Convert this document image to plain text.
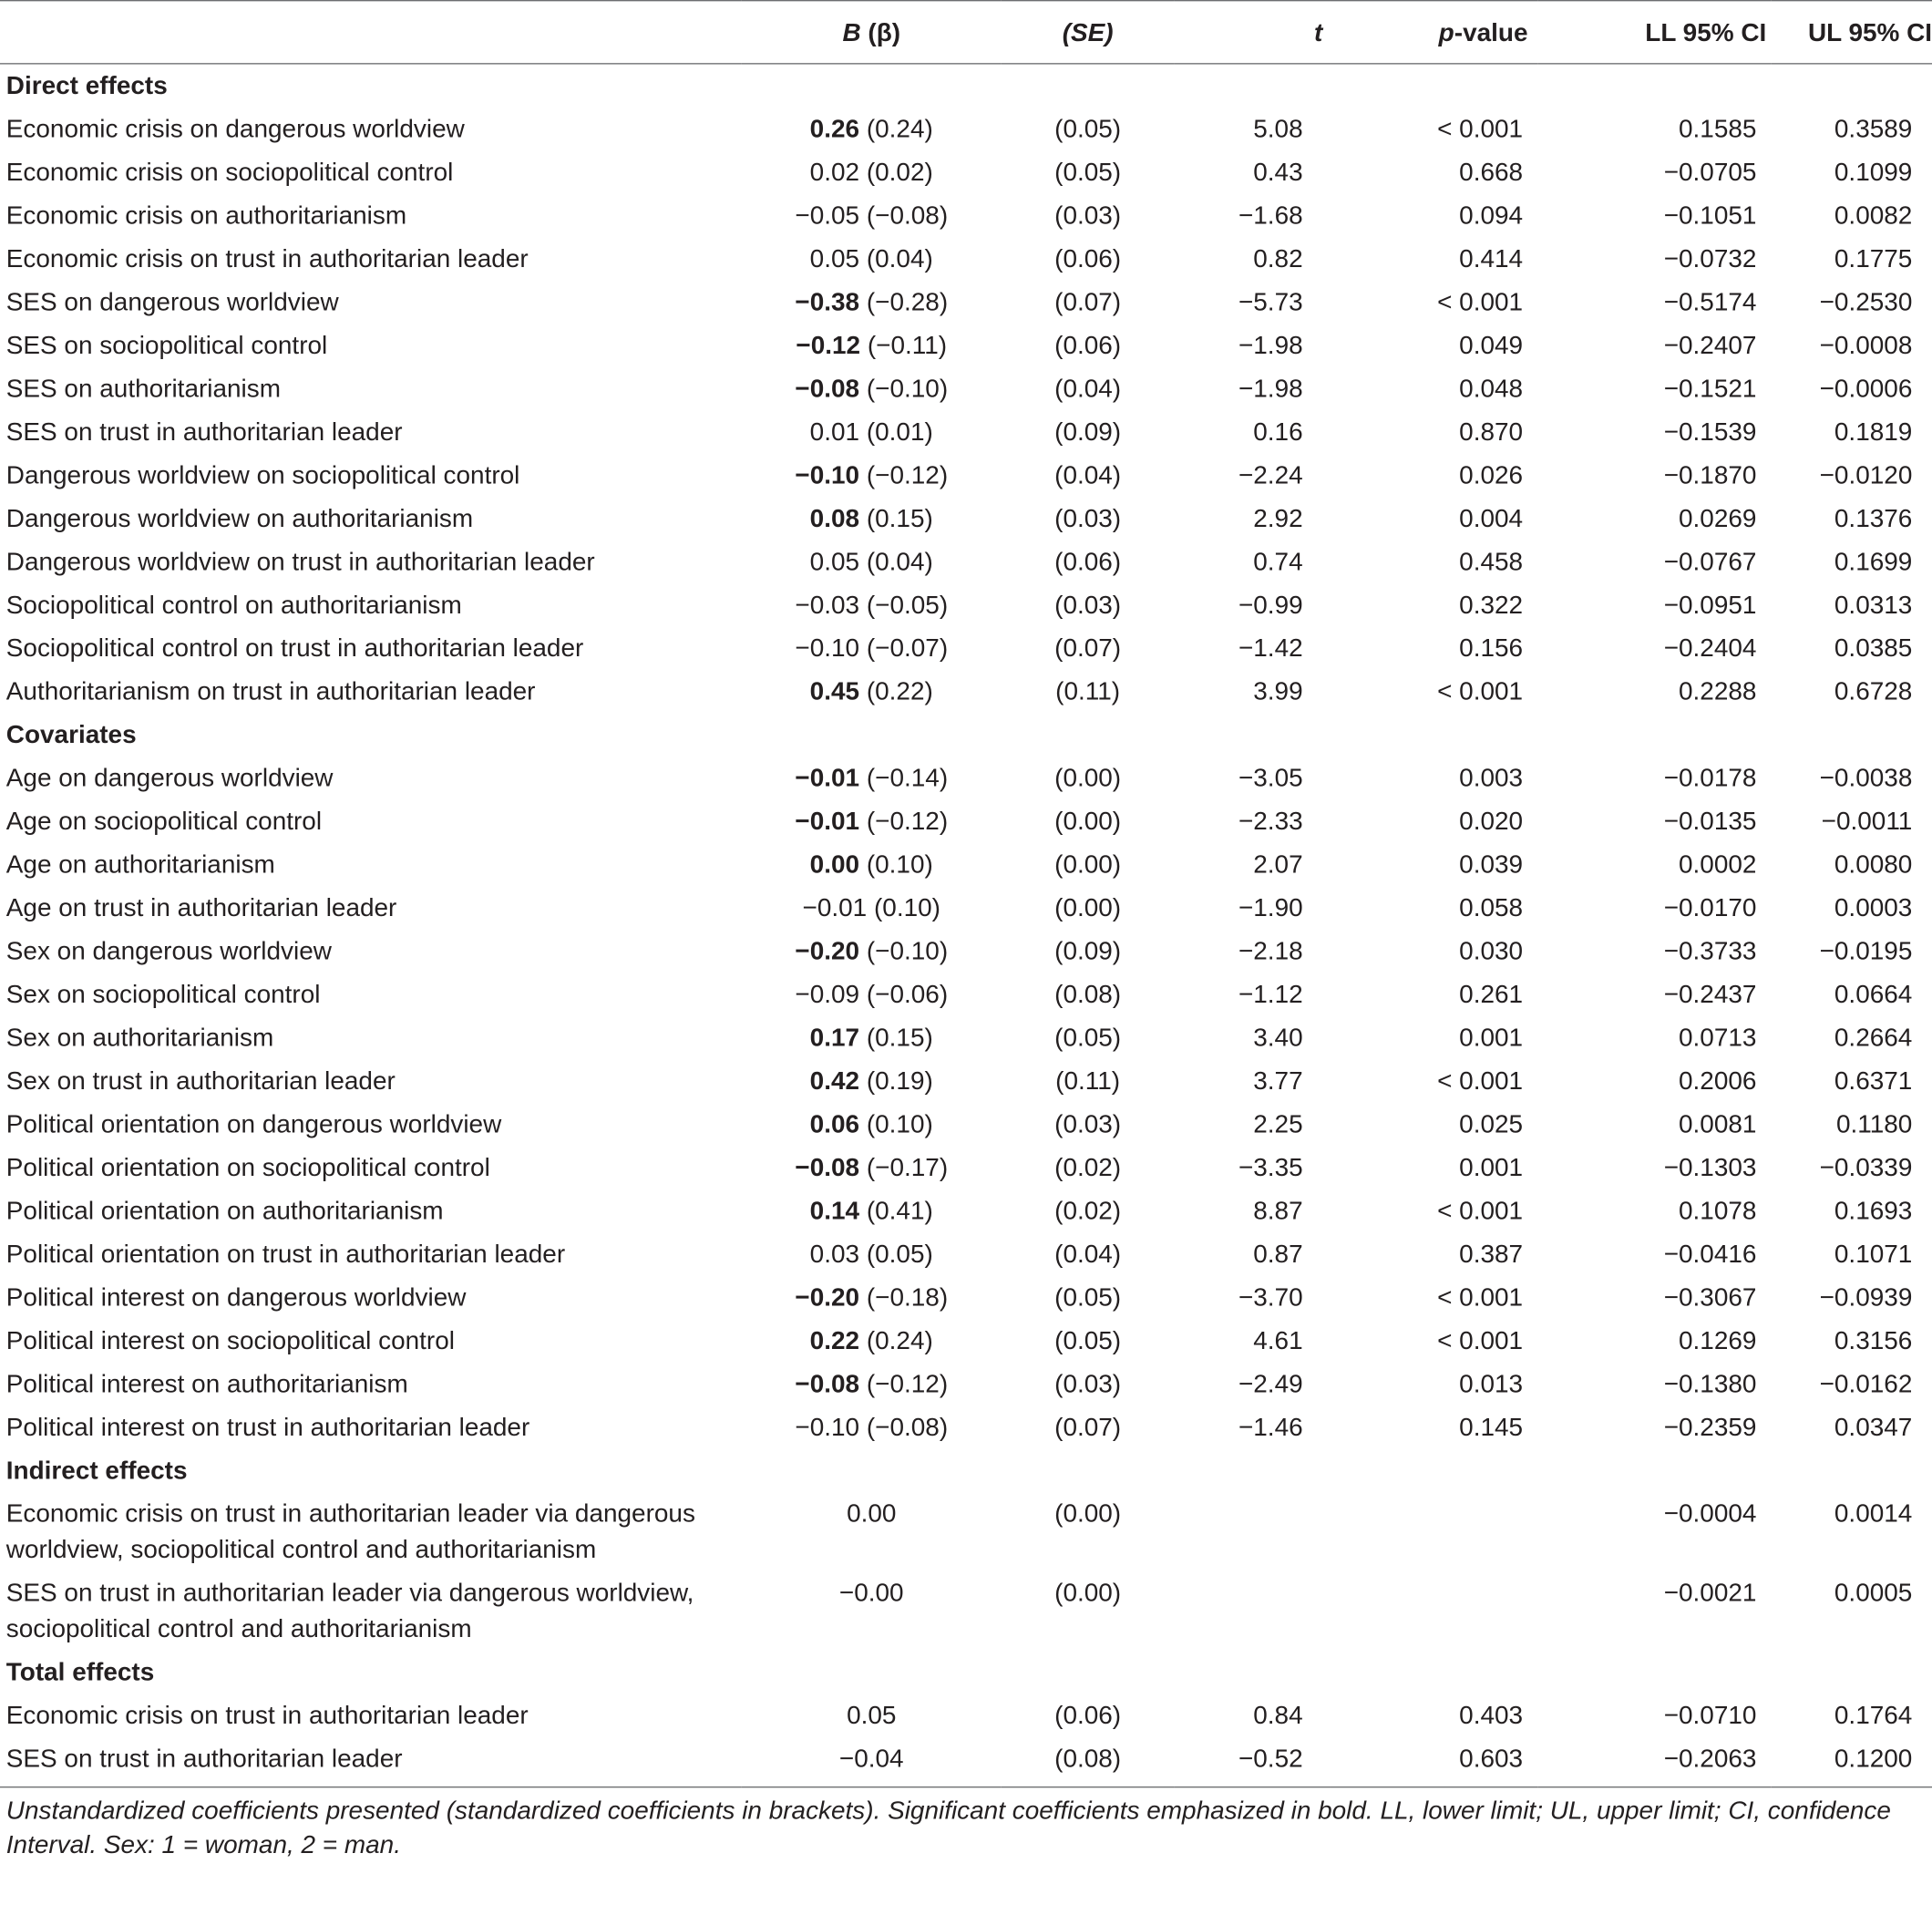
	B (β)	(SE)	t	p-value	LL 95% CI	UL 95% CI
Direct effects						
Economic crisis on dangerous worldview	0.26 (0.24)	(0.05)	5.08	< 0.001	0.1585	0.3589
Economic crisis on sociopolitical control	0.02 (0.02)	(0.05)	0.43	0.668	−0.0705	0.1099
Economic crisis on authoritarianism	−0.05 (−0.08)	(0.03)	−1.68	0.094	−0.1051	0.0082
Economic crisis on trust in authoritarian leader	0.05 (0.04)	(0.06)	0.82	0.414	−0.0732	0.1775
SES on dangerous worldview	−0.38 (−0.28)	(0.07)	−5.73	< 0.001	−0.5174	−0.2530
SES on sociopolitical control	−0.12 (−0.11)	(0.06)	−1.98	0.049	−0.2407	−0.0008
SES on authoritarianism	−0.08 (−0.10)	(0.04)	−1.98	0.048	−0.1521	−0.0006
SES on trust in authoritarian leader	0.01 (0.01)	(0.09)	0.16	0.870	−0.1539	0.1819
Dangerous worldview on sociopolitical control	−0.10 (−0.12)	(0.04)	−2.24	0.026	−0.1870	−0.0120
Dangerous worldview on authoritarianism	0.08 (0.15)	(0.03)	2.92	0.004	0.0269	0.1376
Dangerous worldview on trust in authoritarian leader	0.05 (0.04)	(0.06)	0.74	0.458	−0.0767	0.1699
Sociopolitical control on authoritarianism	−0.03 (−0.05)	(0.03)	−0.99	0.322	−0.0951	0.0313
Sociopolitical control on trust in authoritarian leader	−0.10 (−0.07)	(0.07)	−1.42	0.156	−0.2404	0.0385
Authoritarianism on trust in authoritarian leader	0.45 (0.22)	(0.11)	3.99	< 0.001	0.2288	0.6728
Covariates						
Age on dangerous worldview	−0.01 (−0.14)	(0.00)	−3.05	0.003	−0.0178	−0.0038
Age on sociopolitical control	−0.01 (−0.12)	(0.00)	−2.33	0.020	−0.0135	−0.0011
Age on authoritarianism	0.00 (0.10)	(0.00)	2.07	0.039	0.0002	0.0080
Age on trust in authoritarian leader	−0.01 (0.10)	(0.00)	−1.90	0.058	−0.0170	0.0003
Sex on dangerous worldview	−0.20 (−0.10)	(0.09)	−2.18	0.030	−0.3733	−0.0195
Sex on sociopolitical control	−0.09 (−0.06)	(0.08)	−1.12	0.261	−0.2437	0.0664
Sex on authoritarianism	0.17 (0.15)	(0.05)	3.40	0.001	0.0713	0.2664
Sex on trust in authoritarian leader	0.42 (0.19)	(0.11)	3.77	< 0.001	0.2006	0.6371
Political orientation on dangerous worldview	0.06 (0.10)	(0.03)	2.25	0.025	0.0081	0.1180
Political orientation on sociopolitical control	−0.08 (−0.17)	(0.02)	−3.35	0.001	−0.1303	−0.0339
Political orientation on authoritarianism	0.14 (0.41)	(0.02)	8.87	< 0.001	0.1078	0.1693
Political orientation on trust in authoritarian leader	0.03 (0.05)	(0.04)	0.87	0.387	−0.0416	0.1071
Political interest on dangerous worldview	−0.20 (−0.18)	(0.05)	−3.70	< 0.001	−0.3067	−0.0939
Political interest on sociopolitical control	0.22 (0.24)	(0.05)	4.61	< 0.001	0.1269	0.3156
Political interest on authoritarianism	−0.08 (−0.12)	(0.03)	−2.49	0.013	−0.1380	−0.0162
Political interest on trust in authoritarian leader	−0.10 (−0.08)	(0.07)	−1.46	0.145	−0.2359	0.0347
Indirect effects						
Economic crisis on trust in authoritarian leader via dangerous worldview, sociopolitical control and authoritarianism	0.00	(0.00)			−0.0004	0.0014
SES on trust in authoritarian leader via dangerous worldview, sociopolitical control and authoritarianism	−0.00	(0.00)			−0.0021	0.0005
Total effects						
Economic crisis on trust in authoritarian leader	0.05	(0.06)	0.84	0.403	−0.0710	0.1764
SES on trust in authoritarian leader	−0.04	(0.08)	−0.52	0.603	−0.2063	0.1200
Unstandardized coefficients presented (standardized coefficients in brackets). Significant coefficients emphasized in bold. LL, lower limit; UL, upper limit; CI, confidence Interval. Sex: 1 = woman, 2 = man.
